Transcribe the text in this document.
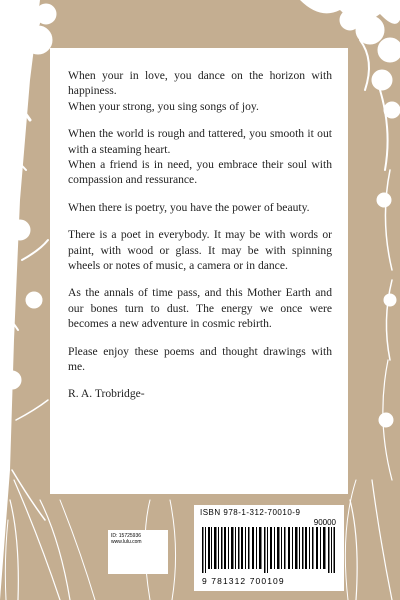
When your in love, you dance on the horizon with happiness.
When your strong, you sing songs of joy.
When the world is rough and tattered, you smooth it out with a steaming heart.
When a friend is in need, you embrace their soul with compassion and ressurance.
When there is poetry, you have the power of beauty.
There is a poet in everybody. It may be with words or paint, with wood or glass. It may be with spinning wheels or notes of music, a camera or in dance.
As the annals of time pass, and this Mother Earth and our bones turn to dust. The energy we once were becomes a new adventure in cosmic rebirth.
Please enjoy these poems and thought drawings with me.
R. A. Trobridge-
ID: 15725936
www.lulu.com
ISBN 978-1-312-70010-9
90000
9 781312 700109
